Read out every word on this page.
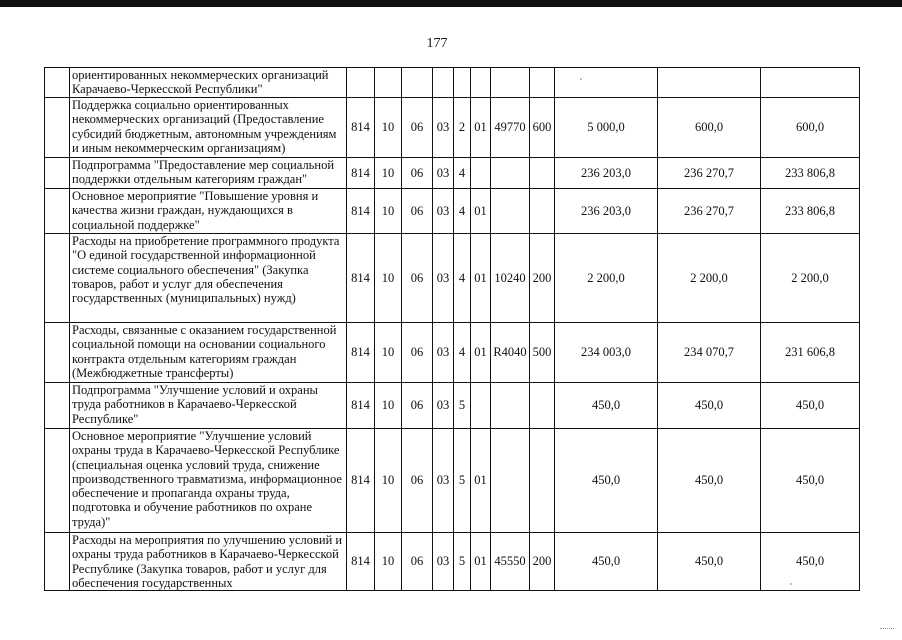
177
	ориентированных некоммерческих организаций Карачаево-Черкесской Республики"											
	Поддержка социально ориентированных некоммерческих организаций (Предоставление субсидий бюджетным, автономным учреждениям и иным некоммерческим организациям)	814	10	06	03	2	01	49770	600	5 000,0	600,0	600,0
	Подпрограмма "Предоставление мер социальной поддержки отдельным категориям граждан"	814	10	06	03	4				236 203,0	236 270,7	233 806,8
	Основное мероприятие "Повышение уровня и качества жизни граждан, нуждающихся в социальной поддержке"	814	10	06	03	4	01			236 203,0	236 270,7	233 806,8
	Расходы на приобретение программного продукта "О единой государственной информационной системе социального обеспечения" (Закупка товаров, работ и услуг для обеспечения государственных (муниципальных) нужд)	814	10	06	03	4	01	10240	200	2 200,0	2 200,0	2 200,0
	Расходы, связанные с оказанием государственной социальной помощи на основании социального контракта отдельным категориям граждан (Межбюджетные трансферты)	814	10	06	03	4	01	R4040	500	234 003,0	234 070,7	231 606,8
	Подпрограмма "Улучшение условий и охраны труда работников в Карачаево-Черкесской Республике"	814	10	06	03	5				450,0	450,0	450,0
	Основное мероприятие "Улучшение условий охраны труда в Карачаево-Черкесской Республике (специальная оценка условий труда, снижение производственного травматизма, информационное обеспечение и пропаганда охраны труда, подготовка и обучение работников по охране труда)"	814	10	06	03	5	01			450,0	450,0	450,0
	Расходы на мероприятия по улучшению условий и охраны труда работников в Карачаево-Черкесской Республике (Закупка товаров, работ и услуг для обеспечения государственных	814	10	06	03	5	01	45550	200	450,0	450,0	450,0
